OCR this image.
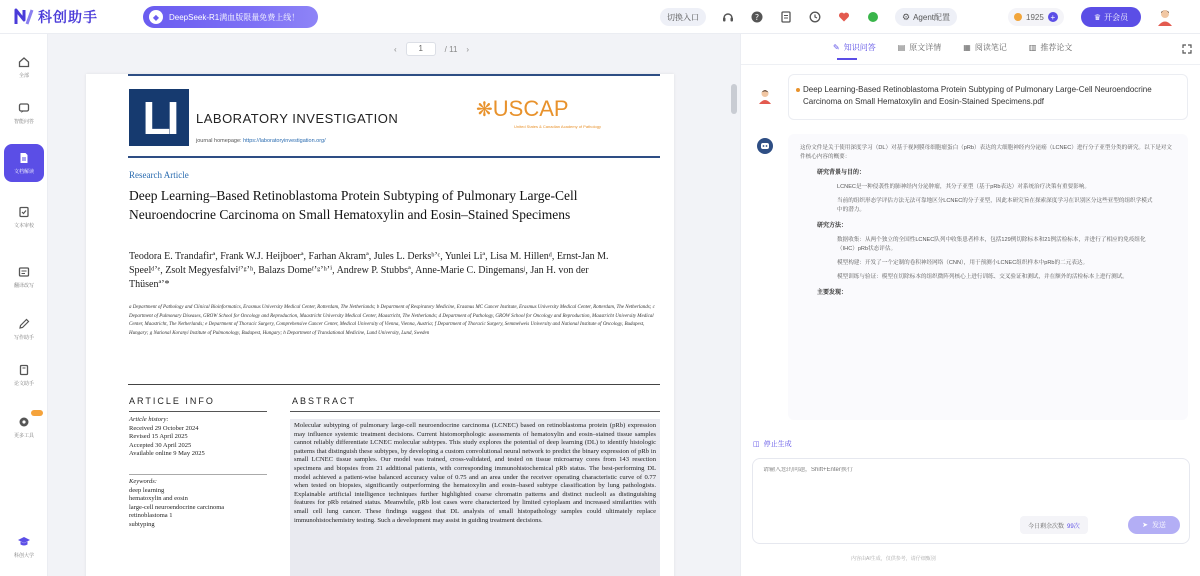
科创助手	◆	DeepSeek-R1满血版限量免费上线！	切换入口	?	⚙ Agent配置	1925 +	♛ 开会员
全部
智能问答
文档解读
文本审校
翻译改写
写作助手
论文助手
更多工具
科创大学
‹	1	/ 11 ›
LI	LABORATORY INVESTIGATION
journal homepage: https://laboratoryinvestigation.org/
❋USCAP
United States & Canadian Academy of Pathology
Research Article
Deep Learning–Based Retinoblastoma Protein Subtyping of Pulmonary Large-Cell Neuroendocrine Carcinoma on Small Hematoxylin and Eosin–Stained Specimens
Teodora E. Trandafirª, Frank W.J. Heijboerª, Farhan Akramª, Jules L. Derksᵇʼᶜ, Yunlei Liª, Lisa M. Hillenᵈ, Ernst-Jan M. Speelᵈʼᵉ, Zsolt Megyesfalviᶠʼᵍʼʰ, Balazs Domeᶠʼᵍʼʰʼⁱ, Andrew P. Stubbsª, Anne-Marie C. Dingemansʲ, Jan H. von der Thüsenªʼ*
a Department of Pathology and Clinical Bioinformatics, Erasmus University Medical Center, Rotterdam, The Netherlands; b Department of Respiratory Medicine, Erasmus MC Cancer Institute, Erasmus University Medical Center, Rotterdam, The Netherlands; c Department of Pulmonary Diseases, GROW School for Oncology and Reproduction, Maastricht University Medical Center, Maastricht, The Netherlands; d Department of Pathology, GROW School for Oncology and Reproduction, Maastricht University Medical Center, Maastricht, The Netherlands; e Department of Thoracic Surgery, Comprehensive Cancer Center, Medical University of Vienna, Vienna, Austria; f Department of Thoracic Surgery, Semmelweis University and National Institute of Oncology, Budapest, Hungary; g National Koranyi Institute of Pulmonology, Budapest, Hungary; h Department of Translational Medicine, Lund University, Lund, Sweden
ARTICLE INFO	ABSTRACT
Article history:
Received 29 October 2024
Revised 15 April 2025
Accepted 30 April 2025
Available online 9 May 2025
Keywords:
deep learning
hematoxylin and eosin
large-cell neuroendocrine carcinoma
retinoblastoma 1
subtyping
Molecular subtyping of pulmonary large-cell neuroendocrine carcinoma (LCNEC) based on retinoblastoma protein (pRb) expression may influence systemic treatment decisions. Current histomorphologic assessments of hematoxylin and eosin–stained tissue samples cannot reliably differentiate LCNEC molecular subtypes. This study explores the potential of deep learning (DL) to identify histologic patterns that distinguish these subtypes, by developing a custom convolutional neural network to predict the binary expression of pRb in small LCNEC tissue samples. Our model was trained, cross-validated, and tested on tissue microarray cores from 143 resection specimens and biopsies from 21 additional patients, with corresponding immunohistochemical pRb status. The best-performing DL model achieved a patient-wise balanced accuracy value of 0.75 and an area under the receiver operating characteristic curve of 0.77 when tested on biopsies, significantly outperforming the hematoxylin and eosin–based subtype classification by lung pathologists. Explainable artificial intelligence techniques further highlighted coarse chromatin patterns and distinct nucleoli as distinguishing features for pRb retained status. Meanwhile, pRb lost cases were characterized by limited cytoplasm and increased similarities with small cell lung cancer. These findings suggest that DL analysis of small histopathology samples could ultimately replace immunohistochemistry testing. Such a development may assist in guiding treatment decisions.
✎ 知识问答	▤ 原文详情	▦ 阅读笔记	▥ 推荐论文
Deep Learning-Based Retinoblastoma Protein Subtyping of Pulmonary Large-Cell Neuroendocrine Carcinoma on Small Hematoxylin and Eosin-Stained Specimens.pdf
这份文件是关于使用深度学习（DL）对基于视网膜母细胞瘤蛋白（pRb）表达的大细胞神经内分泌癌（LCNEC）进行分子亚型分类的研究。以下是对文件核心内容的概要：
研究背景与目的：
LCNEC是一种侵袭性的肺神经内分泌肿瘤，其分子亚型（基于pRb表达）对系统治疗决策有重要影响。
当前的组织形态学评估方法无法可靠地区分LCNEC的分子亚型，因此本研究旨在探索深度学习在识别区分这些亚型的组织学模式中的潜力。
研究方法：
数据收集：从两个独立的全国性LCNEC队列中收集患者样本，包括129例切除标本和21例活检标本，并进行了相应的免疫组化（IHC）pRb状态评估。
模型构建：开发了一个定制的卷积神经网络（CNN），用于预测小LCNEC组织样本中pRb的二元表达。
模型训练与验证：模型在切除标本的组织微阵列核心上进行训练、交叉验证和测试，并在额外的活检标本上进行测试。
主要发现：
◫ 停止生成
请输入您的问题，Shift+Enter换行
今日剩余次数 99次	➤ 发送
内容由AI生成，仅供参考，请仔细甄别
